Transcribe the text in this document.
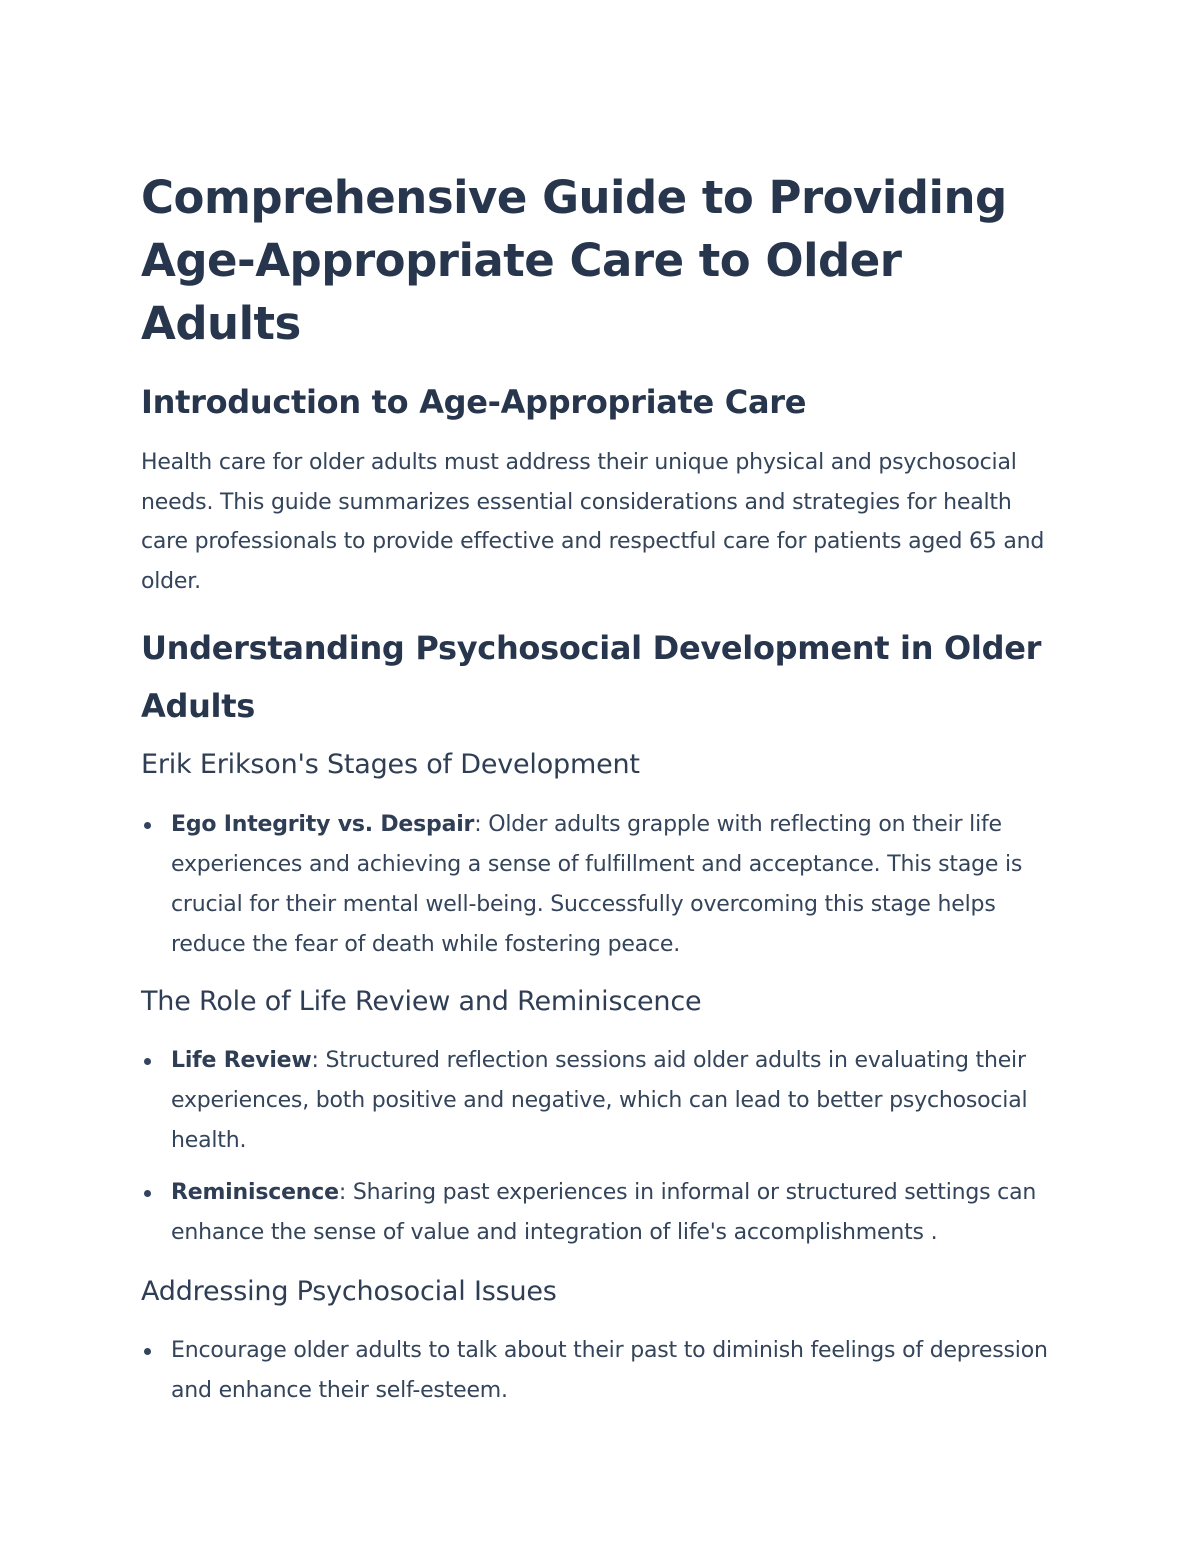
Comprehensive Guide to Providing Age-Appropriate Care to Older Adults
Introduction to Age-Appropriate Care

Health care for older adults must address their unique physical and psychosocial needs. This guide summarizes essential considerations and strategies for health care professionals to provide effective and respectful care for patients aged 65 and older.

Understanding Psychosocial Development in Older Adults
Erik Erikson's Stages of Development
Ego Integrity vs. Despair: Older adults grapple with reflecting on their life experiences and achieving a sense of fulfillment and acceptance. This stage is crucial for their mental well-being. Successfully overcoming this stage helps reduce the fear of death while fostering peace.
The Role of Life Review and Reminiscence
Life Review: Structured reflection sessions aid older adults in evaluating their experiences, both positive and negative, which can lead to better psychosocial health.
Reminiscence: Sharing past experiences in informal or structured settings can enhance the sense of value and integration of life's accomplishments .
Addressing Psychosocial Issues
Encourage older adults to talk about their past to diminish feelings of depression and enhance their self-esteem.
